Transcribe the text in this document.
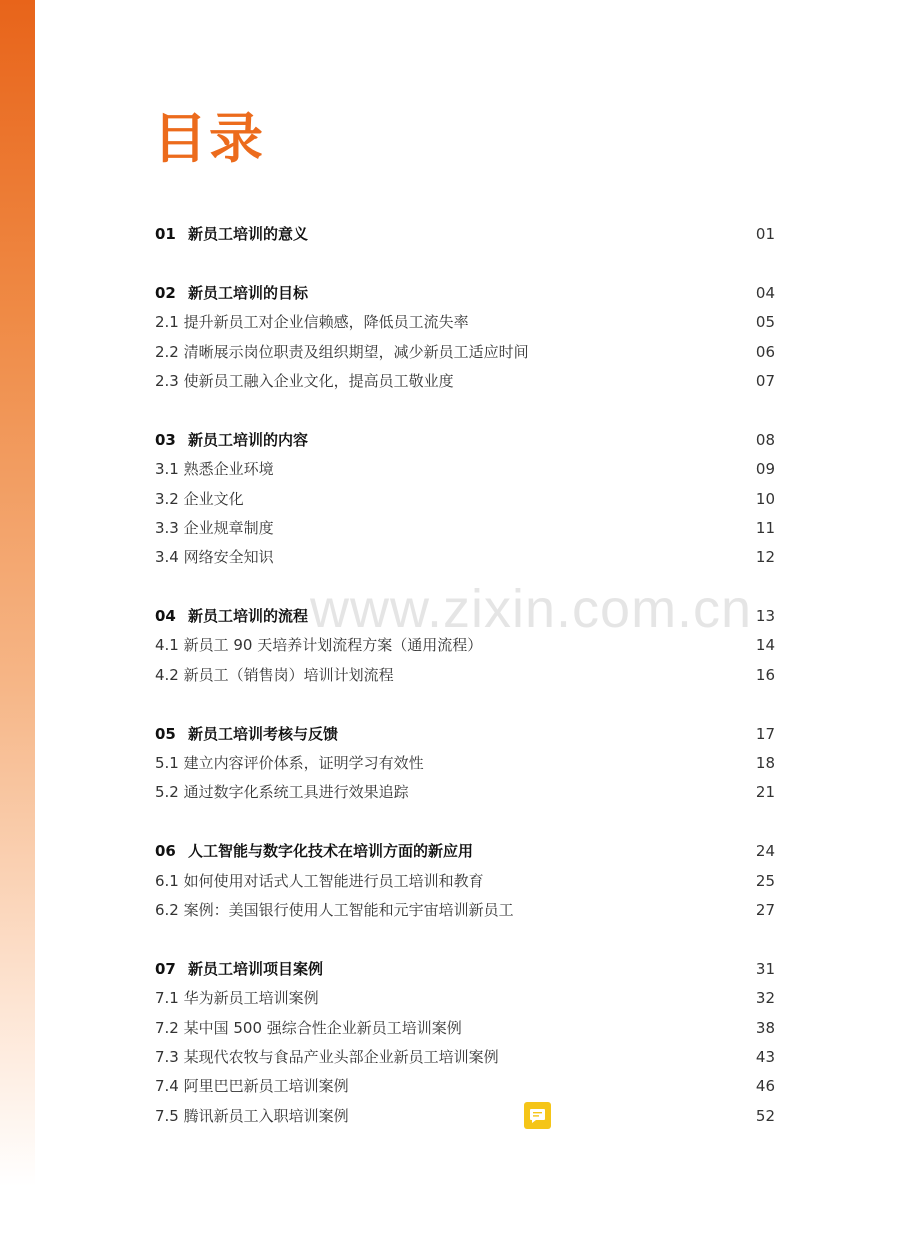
目录
01 新员工培训的意义	01
02 新员工培训的目标	04
2.1 提升新员工对企业信赖感，降低员工流失率	05
2.2 清晰展示岗位职责及组织期望，减少新员工适应时间	06
2.3 使新员工融入企业文化，提高员工敬业度	07
03 新员工培训的内容	08
3.1 熟悉企业环境	09
3.2 企业文化	10
3.3 企业规章制度	11
3.4 网络安全知识	12
04 新员工培训的流程	13
4.1 新员工 90 天培养计划流程方案（通用流程）	14
4.2 新员工（销售岗）培训计划流程	16
05 新员工培训考核与反馈	17
5.1 建立内容评价体系，证明学习有效性	18
5.2 通过数字化系统工具进行效果追踪	21
06 人工智能与数字化技术在培训方面的新应用	24
6.1 如何使用对话式人工智能进行员工培训和教育	25
6.2 案例：美国银行使用人工智能和元宇宙培训新员工	27
07 新员工培训项目案例	31
7.1 华为新员工培训案例	32
7.2 某中国 500 强综合性企业新员工培训案例	38
7.3 某现代农牧与食品产业头部企业新员工培训案例	43
7.4 阿里巴巴新员工培训案例	46
7.5 腾讯新员工入职培训案例	52
www.zixin.com.cn
